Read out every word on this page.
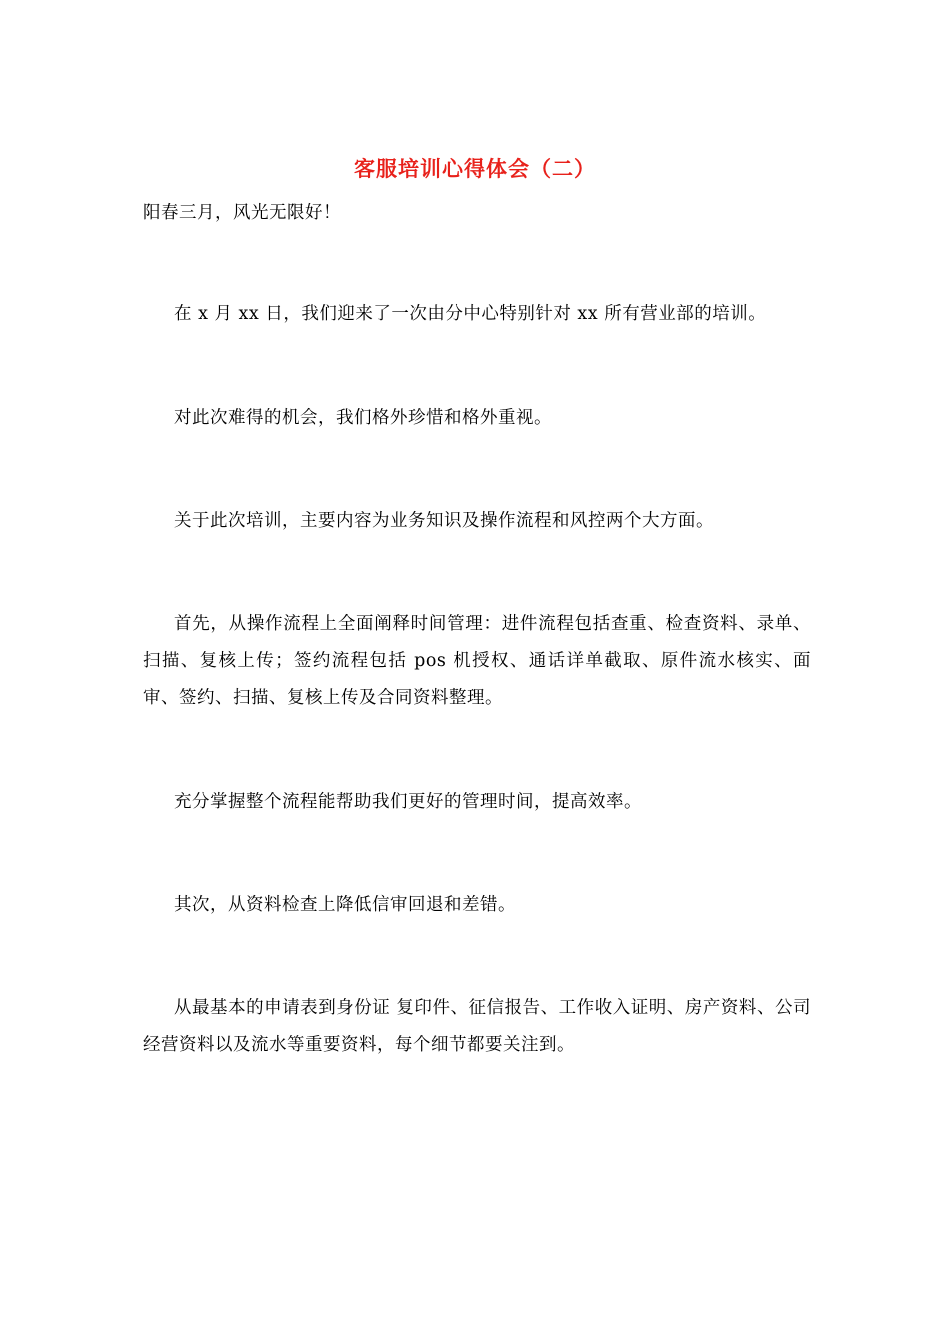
客服培训心得体会（二）
阳春三月，风光无限好！
在 x 月 xx 日，我们迎来了一次由分中心特别针对 xx 所有营业部的培训。
对此次难得的机会，我们格外珍惜和格外重视。
关于此次培训，主要内容为业务知识及操作流程和风控两个大方面。
首先，从操作流程上全面阐释时间管理：进件流程包括查重、检查资料、录单、扫描、复核上传；签约流程包括 pos 机授权、通话详单截取、原件流水核实、面审、签约、扫描、复核上传及合同资料整理。
充分掌握整个流程能帮助我们更好的管理时间，提高效率。
其次，从资料检查上降低信审回退和差错。
从最基本的申请表到身份证 复印件、征信报告、工作收入证明、房产资料、公司经营资料以及流水等重要资料，每个细节都要关注到。
